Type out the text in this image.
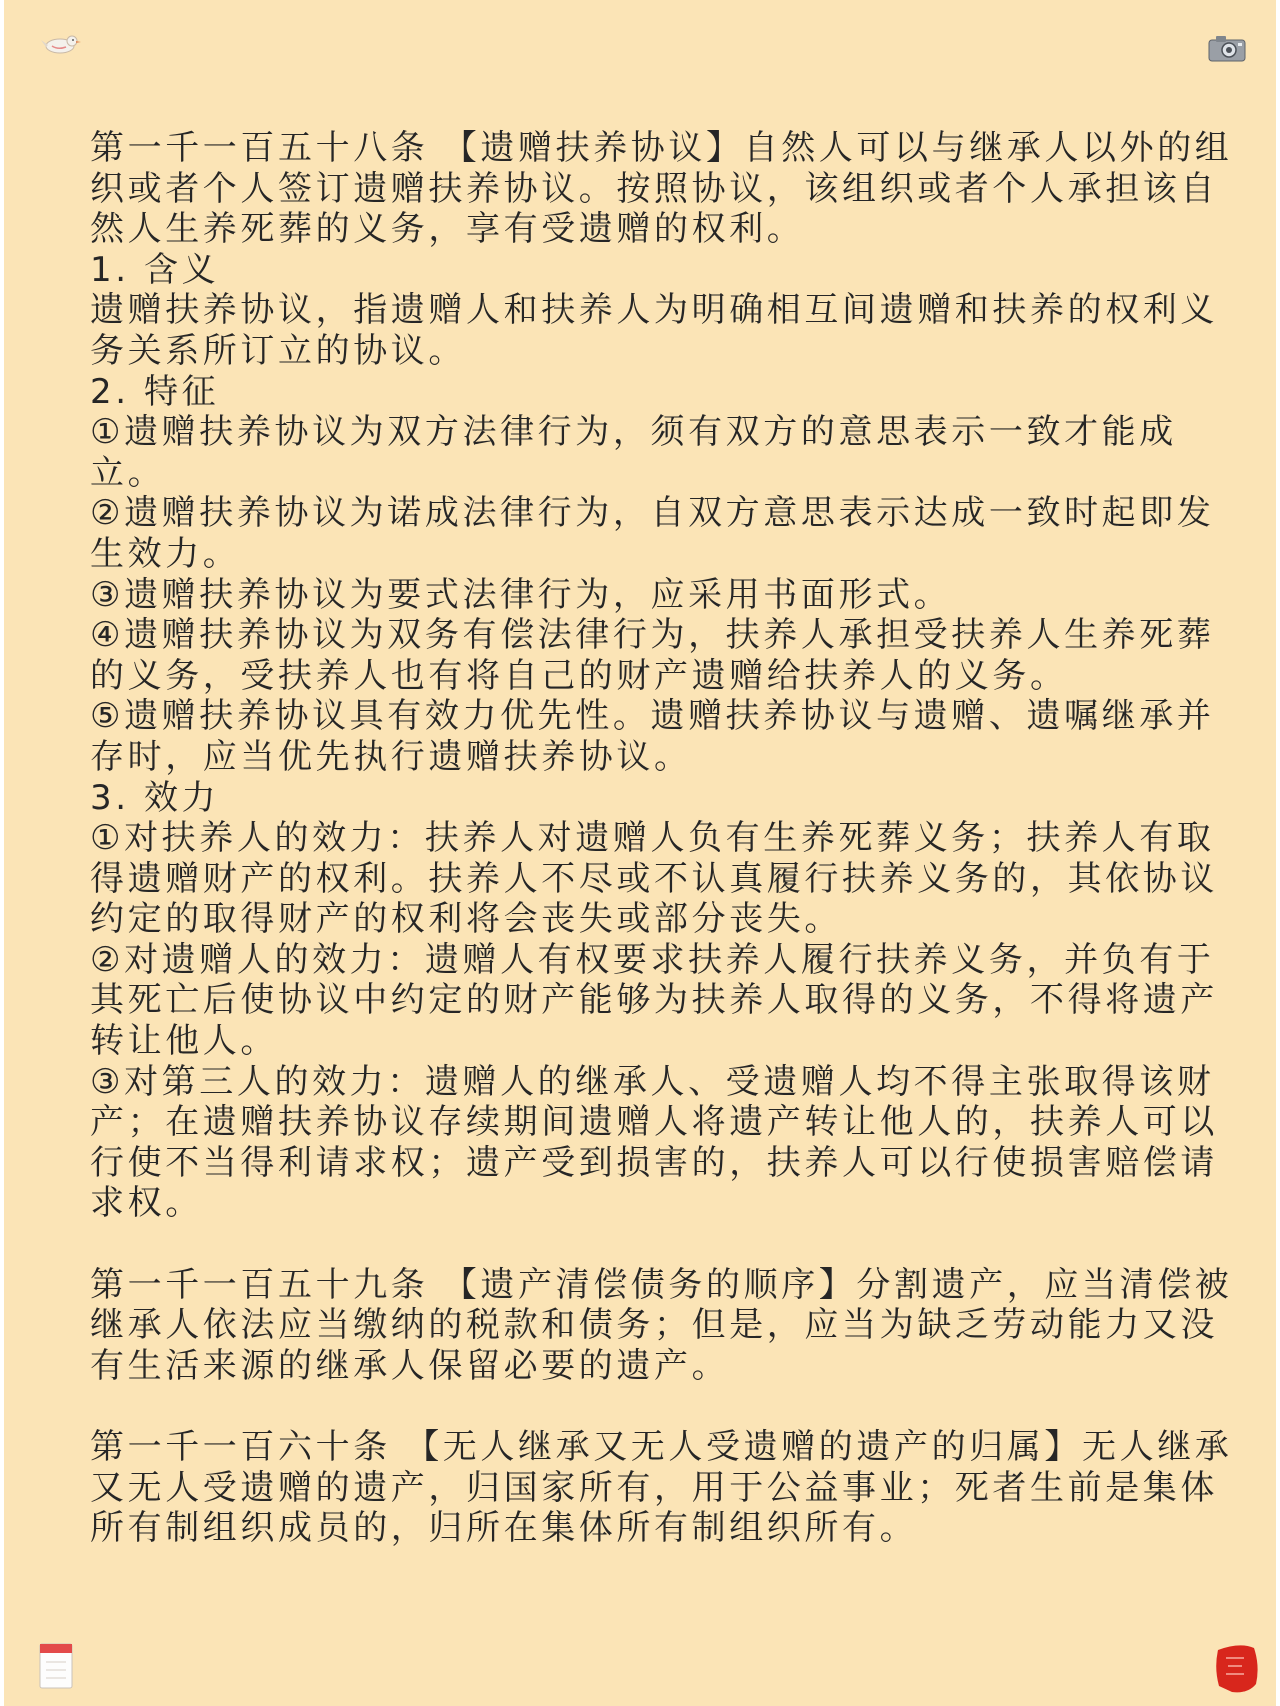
第一千一百五十八条 【遗赠扶养协议】自然人可以与继承人以外的组织或者个人签订遗赠扶养协议。按照协议，该组织或者个人承担该自然人生养死葬的义务，享有受遗赠的权利。

1. 含义

遗赠扶养协议，指遗赠人和扶养人为明确相互间遗赠和扶养的权利义务关系所订立的协议。

2. 特征

①遗赠扶养协议为双方法律行为，须有双方的意思表示一致才能成立。

②遗赠扶养协议为诺成法律行为，自双方意思表示达成一致时起即发生效力。

③遗赠扶养协议为要式法律行为，应采用书面形式。

④遗赠扶养协议为双务有偿法律行为，扶养人承担受扶养人生养死葬的义务，受扶养人也有将自己的财产遗赠给扶养人的义务。

⑤遗赠扶养协议具有效力优先性。遗赠扶养协议与遗赠、遗嘱继承并存时，应当优先执行遗赠扶养协议。

3. 效力

①对扶养人的效力：扶养人对遗赠人负有生养死葬义务；扶养人有取得遗赠财产的权利。扶养人不尽或不认真履行扶养义务的，其依协议约定的取得财产的权利将会丧失或部分丧失。

②对遗赠人的效力：遗赠人有权要求扶养人履行扶养义务，并负有于其死亡后使协议中约定的财产能够为扶养人取得的义务，不得将遗产转让他人。

③对第三人的效力：遗赠人的继承人、受遗赠人均不得主张取得该财产；在遗赠扶养协议存续期间遗赠人将遗产转让他人的，扶养人可以行使不当得利请求权；遗产受到损害的，扶养人可以行使损害赔偿请求权。

第一千一百五十九条 【遗产清偿债务的顺序】分割遗产，应当清偿被继承人依法应当缴纳的税款和债务；但是，应当为缺乏劳动能力又没有生活来源的继承人保留必要的遗产。

第一千一百六十条 【无人继承又无人受遗赠的遗产的归属】无人继承又无人受遗赠的遗产，归国家所有，用于公益事业；死者生前是集体所有制组织成员的，归所在集体所有制组织所有。
